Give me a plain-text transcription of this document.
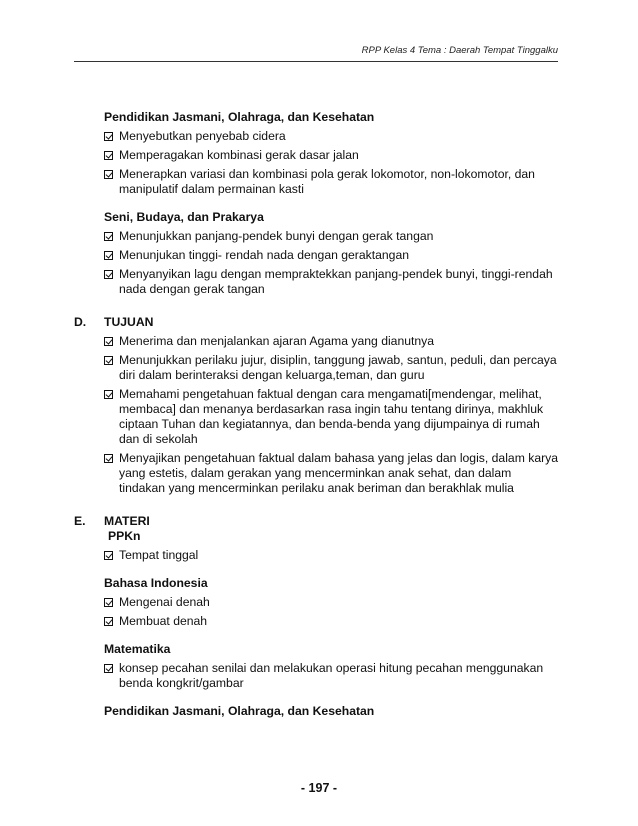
RPP Kelas 4 Tema : Daerah Tempat Tinggalku
Pendidikan Jasmani, Olahraga, dan Kesehatan
Menyebutkan penyebab cidera
Memperagakan kombinasi gerak dasar jalan
Menerapkan variasi dan kombinasi pola gerak lokomotor, non-lokomotor, dan manipulatif dalam permainan kasti
Seni, Budaya, dan Prakarya
Menunjukkan panjang-pendek bunyi dengan gerak tangan
Menunjukan tinggi- rendah nada dengan geraktangan
Menyanyikan lagu dengan mempraktekkan panjang-pendek bunyi, tinggi-rendah nada dengan gerak tangan
D. TUJUAN
Menerima dan menjalankan ajaran Agama yang dianutnya
Menunjukkan perilaku jujur, disiplin, tanggung jawab, santun, peduli, dan percaya diri dalam berinteraksi dengan keluarga,teman, dan guru
Memahami pengetahuan faktual dengan cara mengamati[mendengar, melihat, membaca] dan menanya berdasarkan rasa ingin tahu tentang dirinya, makhluk ciptaan Tuhan dan kegiatannya, dan benda-benda yang dijumpainya di rumah dan di sekolah
Menyajikan pengetahuan faktual dalam bahasa yang jelas dan logis, dalam karya yang estetis, dalam gerakan yang mencerminkan anak sehat, dan dalam tindakan yang mencerminkan perilaku anak beriman dan berakhlak mulia
E. MATERI
PPKn
Tempat tinggal
Bahasa Indonesia
Mengenai denah
Membuat denah
Matematika
konsep pecahan senilai dan melakukan operasi hitung pecahan menggunakan benda kongkrit/gambar
Pendidikan Jasmani, Olahraga, dan Kesehatan
- 197 -
